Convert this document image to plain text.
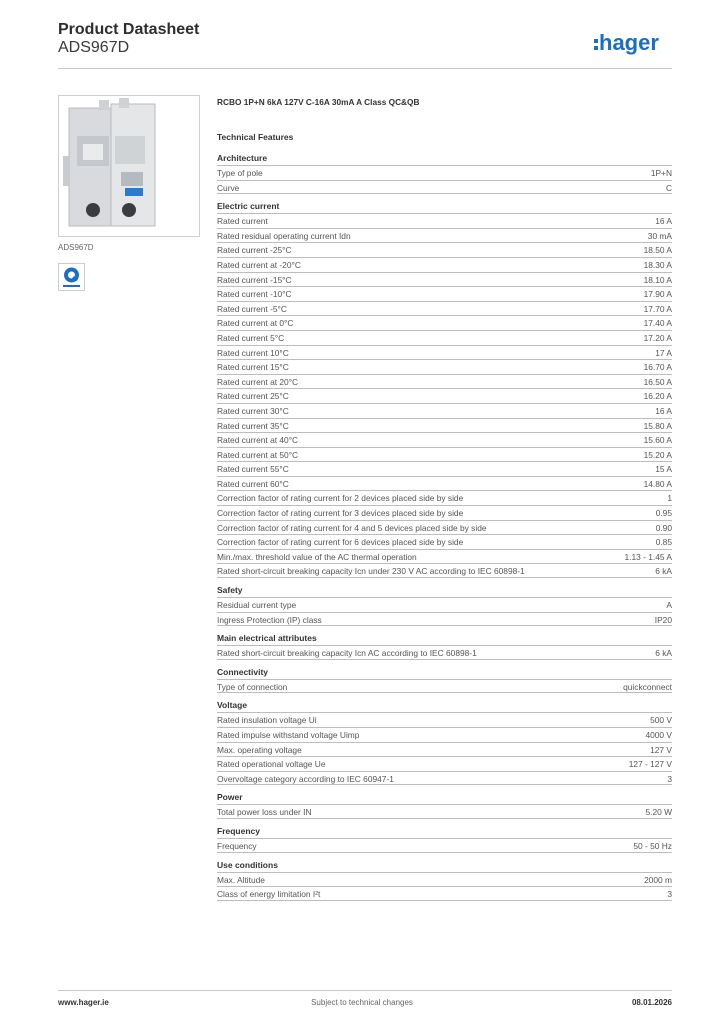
Product Datasheet
ADS967D	hager
ADS967D
RCBO 1P+N 6kA 127V C-16A 30mA A Class QC&QB
Technical Features
Architecture
Type of pole	1P+N
Curve	C
Electric current
Rated current	16 A
Rated residual operating current Idn	30 mA
Rated current -25°C	18.50 A
Rated current at -20°C	18.30 A
Rated current -15°C	18.10 A
Rated current -10°C	17.90 A
Rated current -5°C	17.70 A
Rated current at 0°C	17.40 A
Rated current 5°C	17.20 A
Rated current 10°C	17 A
Rated current 15°C	16.70 A
Rated current at 20°C	16.50 A
Rated current 25°C	16.20 A
Rated current 30°C	16 A
Rated current 35°C	15.80 A
Rated current at 40°C	15.60 A
Rated current at 50°C	15.20 A
Rated current 55°C	15 A
Rated current 60°C	14.80 A
Correction factor of rating current for 2 devices placed side by side	1
Correction factor of rating current for 3 devices placed side by side	0.95
Correction factor of rating current for 4 and 5 devices placed side by side	0.90
Correction factor of rating current for 6 devices placed side by side	0.85
Min./max. threshold value of the AC thermal operation	1.13 - 1.45 A
Rated short-circuit breaking capacity Icn under 230 V AC according to IEC 60898-1	6 kA
Safety
Residual current type	A
Ingress Protection (IP) class	IP20
Main electrical attributes
Rated short-circuit breaking capacity Icn AC according to IEC 60898-1	6 kA
Connectivity
Type of connection	quickconnect
Voltage
Rated insulation voltage Ui	500 V
Rated impulse withstand voltage Uimp	4000 V
Max. operating voltage	127 V
Rated operational voltage Ue	127 - 127 V
Overvoltage category according to IEC 60947-1	3
Power
Total power loss under IN	5.20 W
Frequency
Frequency	50 - 50 Hz
Use conditions
Max. Altitude	2000 m
Class of energy limitation I²t	3
www.hager.ie	Subject to technical changes	08.01.2026
